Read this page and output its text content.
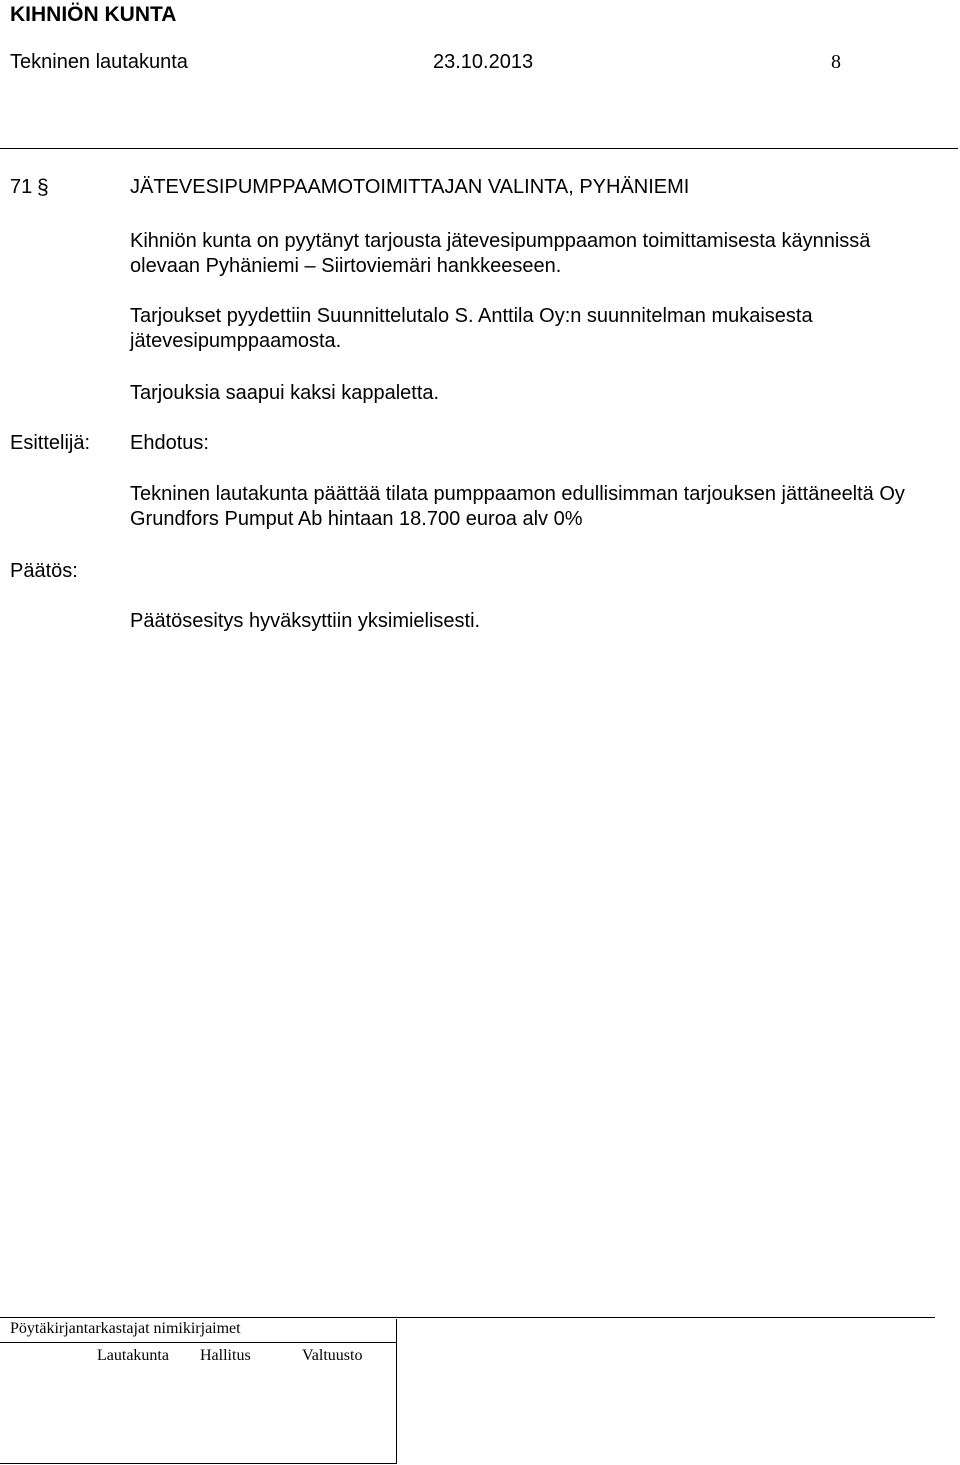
KIHNIÖN KUNTA
Tekninen lautakunta	23.10.2013	8
71 §	JÄTEVESIPUMPPAAMOTOIMITTAJAN VALINTA, PYHÄNIEMI
Kihniön kunta on pyytänyt tarjousta jätevesipumppaamon toimittamisesta käynnissä olevaan Pyhäniemi – Siirtoviemäri hankkeeseen.
Tarjoukset pyydettiin Suunnittelutalo S. Anttila Oy:n suunnitelman mukaisesta jätevesipumppaamosta.
Tarjouksia saapui kaksi kappaletta.
Esittelijä: Ehdotus:
Tekninen lautakunta päättää tilata pumppaamon edullisimman tarjouksen jättäneeltä Oy Grundfors Pumput Ab hintaan 18.700 euroa alv 0%
Päätös:
Päätösesitys hyväksyttiin yksimielisesti.
Pöytäkirjantarkastajat nimikirjaimet
Lautakunta Hallitus	Valtuusto
